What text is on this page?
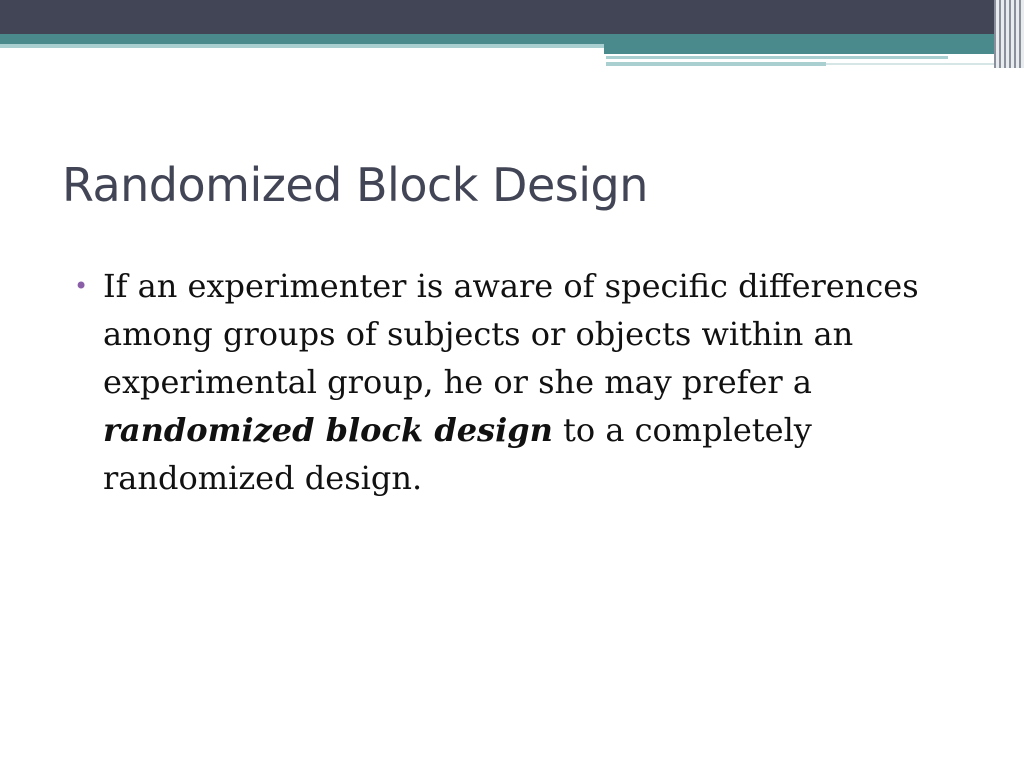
Randomized Block Design
• If an experimenter is aware of specific differences among groups of subjects or objects within an experimental group, he or she may prefer a randomized block design to a completely randomized design.
